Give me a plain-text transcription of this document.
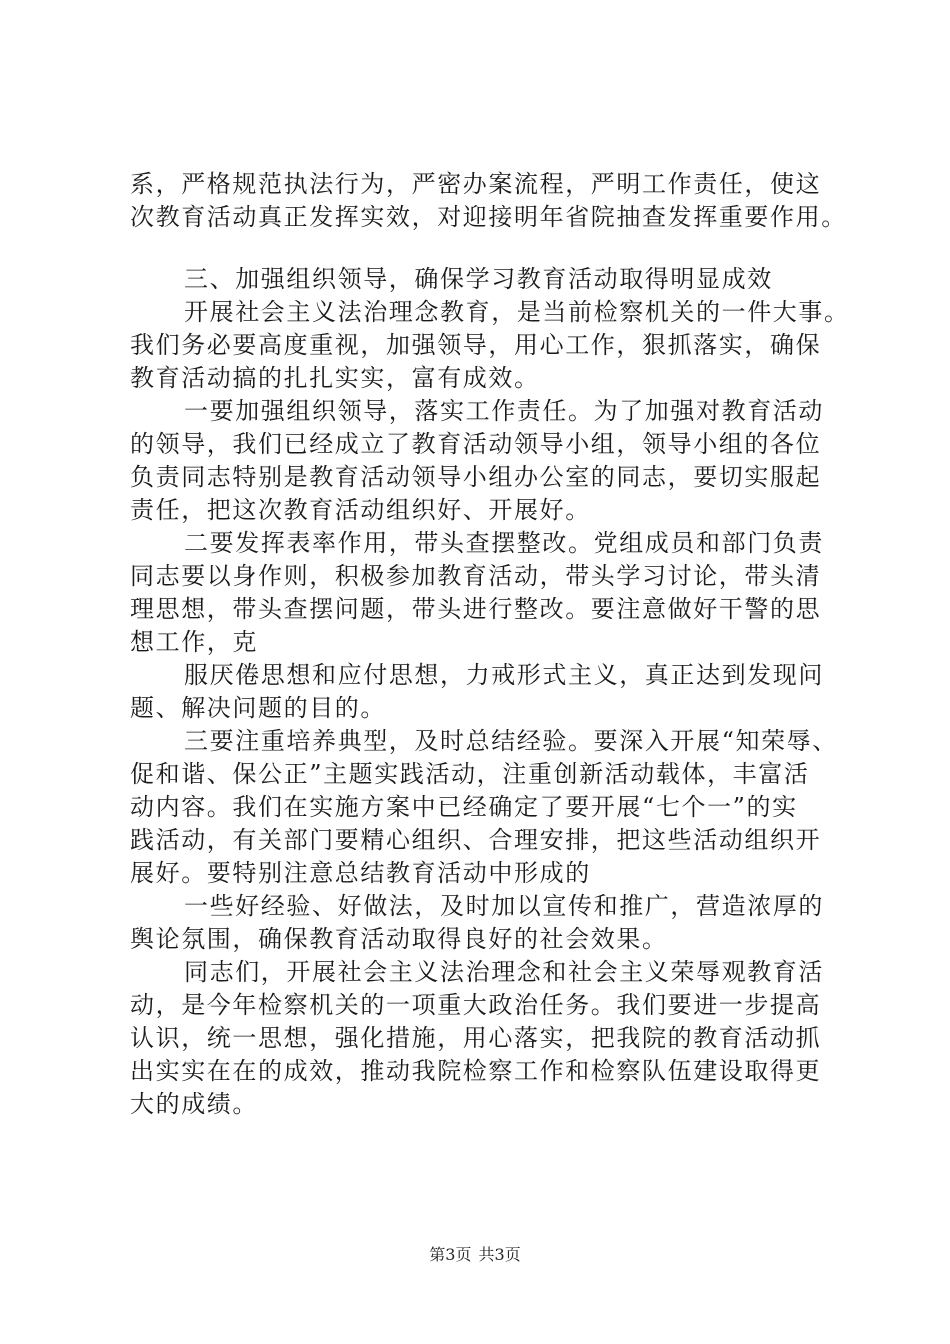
系，严格规范执法行为，严密办案流程，严明工作责任，使这

次教育活动真正发挥实效，对迎接明年省院抽查发挥重要作用。

三、加强组织领导，确保学习教育活动取得明显成效

开展社会主义法治理念教育，是当前检察机关的一件大事。

我们务必要高度重视，加强领导，用心工作，狠抓落实，确保

教育活动搞的扎扎实实，富有成效。

一要加强组织领导，落实工作责任。为了加强对教育活动

的领导，我们已经成立了教育活动领导小组，领导小组的各位

负责同志特别是教育活动领导小组办公室的同志，要切实服起

责任，把这次教育活动组织好、开展好。

二要发挥表率作用，带头查摆整改。党组成员和部门负责

同志要以身作则，积极参加教育活动，带头学习讨论，带头清

理思想，带头查摆问题，带头进行整改。要注意做好干警的思

想工作，克

服厌倦思想和应付思想，力戒形式主义，真正达到发现问

题、解决问题的目的。

三要注重培养典型，及时总结经验。要深入开展“知荣辱、

促和谐、保公正”主题实践活动，注重创新活动载体，丰富活

动内容。我们在实施方案中已经确定了要开展“七个一”的实

践活动，有关部门要精心组织、合理安排，把这些活动组织开

展好。要特别注意总结教育活动中形成的

一些好经验、好做法，及时加以宣传和推广，营造浓厚的

舆论氛围，确保教育活动取得良好的社会效果。

同志们，开展社会主义法治理念和社会主义荣辱观教育活

动，是今年检察机关的一项重大政治任务。我们要进一步提高

认识，统一思想，强化措施，用心落实，把我院的教育活动抓

出实实在在的成效，推动我院检察工作和检察队伍建设取得更

大的成绩。

第3页 共3页
